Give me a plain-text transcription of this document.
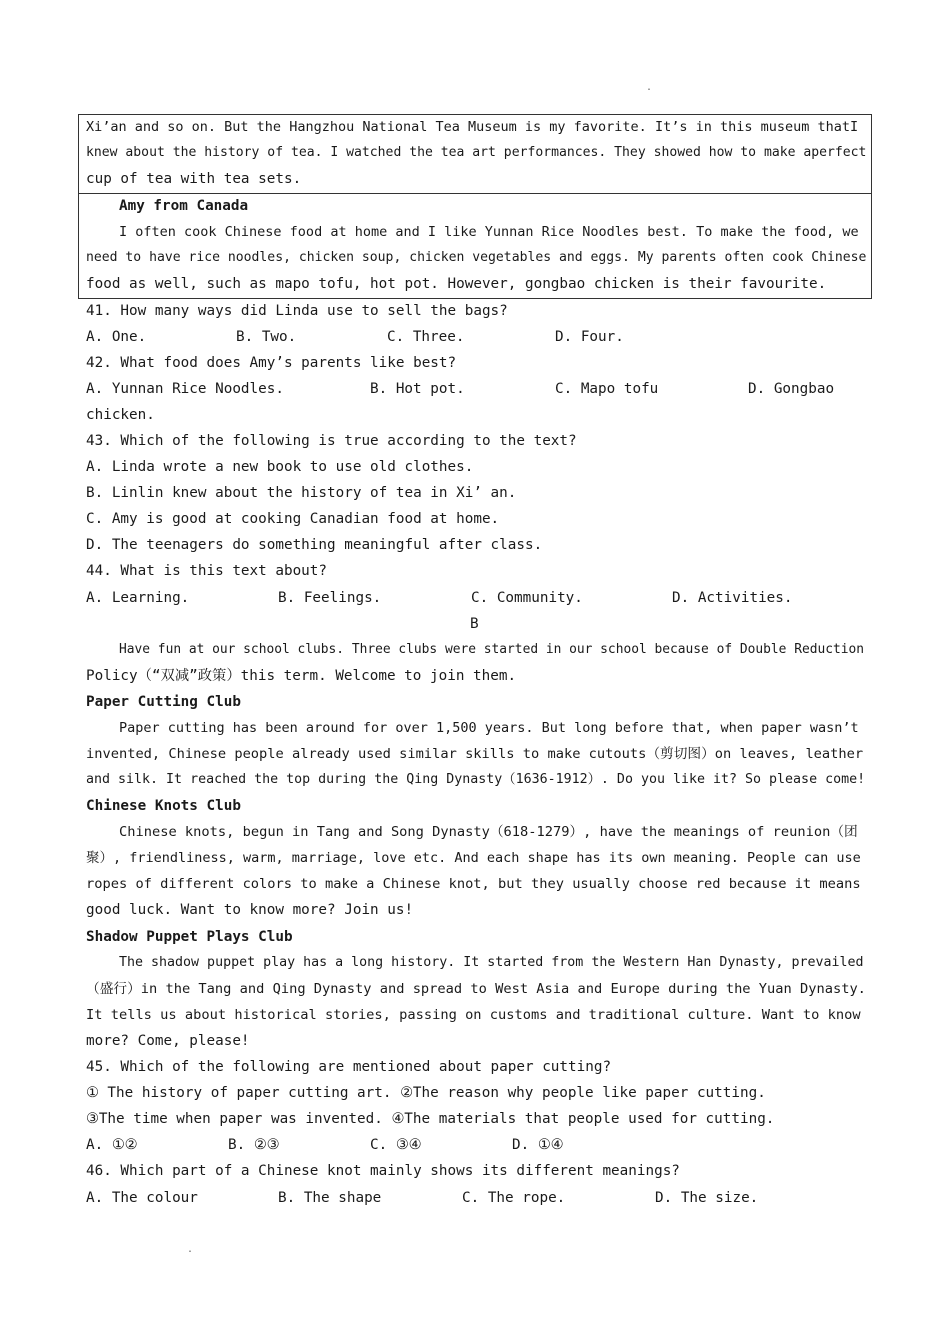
.
Xi’an and so on. But the Hangzhou National Tea Museum is my favorite. It’s in this museum thatI
knew about the history of tea. I watched the tea art performances. They showed how to make aperfect
cup of tea with tea sets.
Amy from Canada
I often cook Chinese food at home and I like Yunnan Rice Noodles best. To make the food, we
need to have rice noodles, chicken soup, chicken vegetables and eggs. My parents often cook Chinese
food as well, such as mapo tofu, hot pot. However, gongbao chicken is their favourite.
41. How many ways did Linda use to sell the bags?
A. One.	B. Two.	C. Three.	D. Four.
42. What food does Amy’s parents like best?
A. Yunnan Rice Noodles.	B. Hot pot.	C. Mapo tofu	D. Gongbao
chicken.
43. Which of the following is true according to the text?
A. Linda wrote a new book to use old clothes.
B. Linlin knew about the history of tea in Xi’ an.
C. Amy is good at cooking Canadian food at home.
D. The teenagers do something meaningful after class.
44. What is this text about?
A. Learning.	B. Feelings.	C. Community.	D. Activities.
B
Have fun at our school clubs. Three clubs were started in our school because of Double Reduction
Policy（“双减”政策）this term. Welcome to join them.
Paper Cutting Club
Paper cutting has been around for over 1,500 years. But long before that, when paper wasn’t
invented, Chinese people already used similar skills to make cutouts（剪切图）on leaves, leather
and silk. It reached the top during the Qing Dynasty（1636-1912）. Do you like it? So please come!
Chinese Knots Club
Chinese knots, begun in Tang and Song Dynasty（618-1279）, have the meanings of reunion（团
聚）, friendliness, warm, marriage, love etc. And each shape has its own meaning. People can use
ropes of different colors to make a Chinese knot, but they usually choose red because it means
good luck. Want to know more? Join us!
Shadow Puppet Plays Club
The shadow puppet play has a long history. It started from the Western Han Dynasty, prevailed
（盛行）in the Tang and Qing Dynasty and spread to West Asia and Europe during the Yuan Dynasty.
It tells us about historical stories, passing on customs and traditional culture. Want to know
more? Come, please!
45. Which of the following are mentioned about paper cutting?
① The history of paper cutting art. ②The reason why people like paper cutting.
③The time when paper was invented. ④The materials that people used for cutting.
A. ①②	B. ②③	C. ③④	D. ①④
46. Which part of a Chinese knot mainly shows its different meanings?
A. The colour	B. The shape	C. The rope.	D. The size.
.
